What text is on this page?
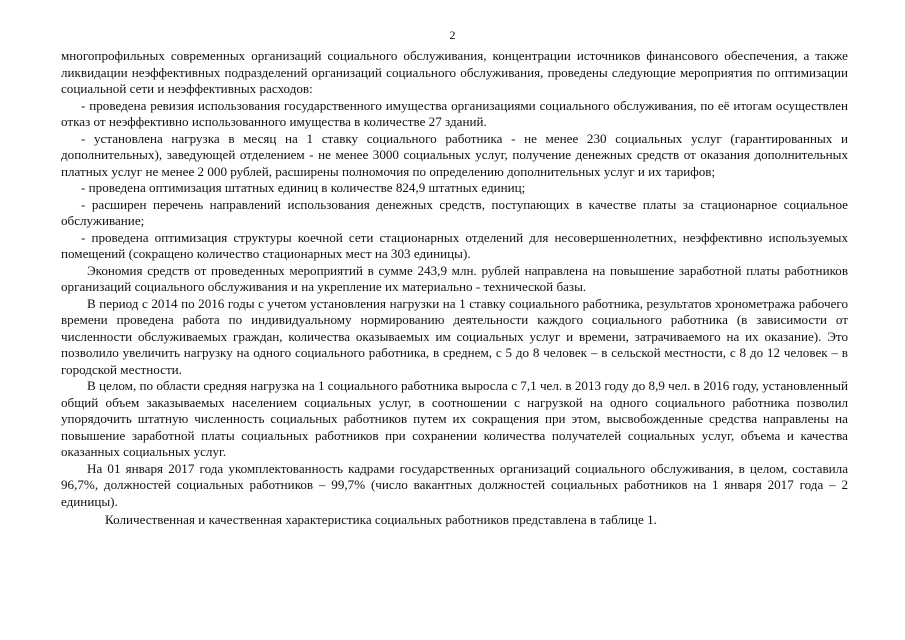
2

многопрофильных современных организаций социального обслуживания, концентрации источников финансового обеспечения, а также ликвидации неэффективных подразделений организаций социального обслуживания, проведены следующие мероприятия по оптимизации социальной сети и неэффективных расходов:

- проведена ревизия использования государственного имущества организациями социального обслуживания, по её итогам осуществлен отказ от неэффективно использованного имущества в количестве 27 зданий.

- установлена нагрузка в месяц на 1 ставку социального работника - не менее 230 социальных услуг (гарантированных и дополнительных), заведующей отделением - не менее 3000 социальных услуг, получение денежных средств от оказания дополнительных платных услуг не менее 2 000 рублей, расширены полномочия по определению дополнительных услуг и их тарифов;

- проведена оптимизация штатных единиц в количестве 824,9 штатных единиц;

- расширен перечень направлений использования денежных средств, поступающих в качестве платы за стационарное социальное обслуживание;

- проведена оптимизация структуры коечной сети стационарных отделений для несовершеннолетних, неэффективно используемых помещений (сокращено количество стационарных мест на 303 единицы).

Экономия средств от проведенных мероприятий в сумме 243,9 млн. рублей направлена на повышение заработной платы работников организаций социального обслуживания и на укрепление их материально - технической базы.

В период с 2014 по 2016 годы с учетом установления нагрузки на 1 ставку социального работника, результатов хронометража рабочего времени проведена работа по индивидуальному нормированию деятельности каждого социального работника (в зависимости от численности обслуживаемых граждан, количества оказываемых им социальных услуг и времени, затрачиваемого на их оказание). Это позволило увеличить нагрузку на одного социального работника, в среднем, с 5 до 8 человек – в сельской местности, с 8 до 12 человек – в городской местности.

В целом, по области средняя нагрузка на 1 социального работника выросла с 7,1 чел. в 2013 году до 8,9 чел. в 2016 году, установленный общий объем заказываемых населением социальных услуг, в соотношении с нагрузкой на одного социального работника позволил упорядочить штатную численность социальных работников путем их сокращения при этом, высвобожденные средства направлены на повышение заработной платы социальных работников при сохранении количества получателей социальных услуг, объема и качества оказанных социальных услуг.

На 01 января 2017 года укомплектованность кадрами государственных организаций социального обслуживания, в целом, составила 96,7%, должностей социальных работников – 99,7% (число вакантных должностей социальных работников на 1 января 2017 года – 2 единицы).

Количественная и качественная характеристика социальных работников представлена в таблице 1.
